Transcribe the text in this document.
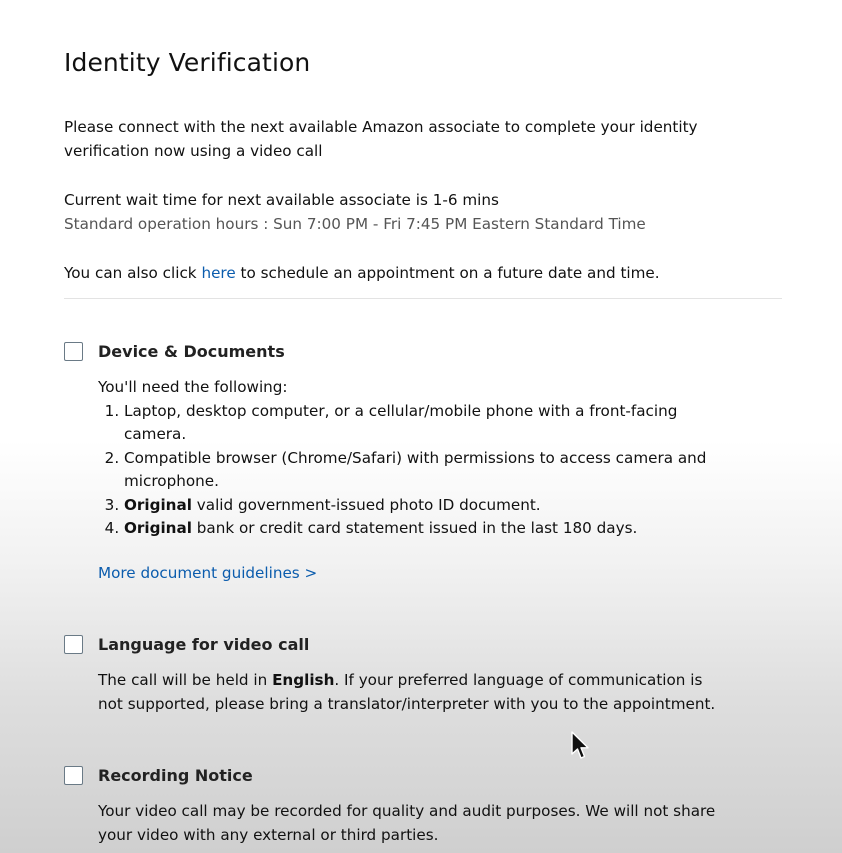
Identity Verification

Please connect with the next available Amazon associate to complete your identity
verification now using a video call

Current wait time for next available associate is 1-6 mins

Standard operation hours : Sun 7:00 PM - Fri 7:45 PM Eastern Standard Time

You can also click here to schedule an appointment on a future date and time.

Device & Documents

You'll need the following:
1. Laptop, desktop computer, or a cellular/mobile phone with a front-facing camera.
2. Compatible browser (Chrome/Safari) with permissions to access camera and microphone.
3. Original valid government-issued photo ID document.
4. Original bank or credit card statement issued in the last 180 days.

More document guidelines >

Language for video call

The call will be held in English. If your preferred language of communication is
not supported, please bring a translator/interpreter with you to the appointment.

Recording Notice

Your video call may be recorded for quality and audit purposes. We will not share
your video with any external or third parties.
